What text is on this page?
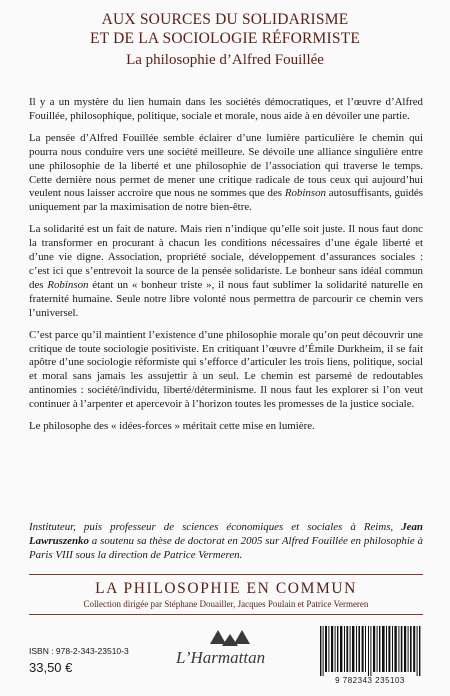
AUX SOURCES DU SOLIDARISME
ET DE LA SOCIOLOGIE RÉFORMISTE
La philosophie d’Alfred Fouillée

Il y a un mystère du lien humain dans les sociétés démocratiques, et l’œuvre d’Alfred Fouillée, philosophique, politique, sociale et morale, nous aide à en dévoiler une partie.

La pensée d’Alfred Fouillée semble éclairer d’une lumière particulière le chemin qui pourra nous conduire vers une société meilleure. Se dévoile une alliance singulière entre une philosophie de la liberté et une philosophie de l’association qui traverse le temps. Cette dernière nous permet de mener une critique radicale de tous ceux qui aujourd’hui veulent nous laisser accroire que nous ne sommes que des Robinson autosuffisants, guidés uniquement par la maximisation de notre bien-être.

La solidarité est un fait de nature. Mais rien n’indique qu’elle soit juste. Il nous faut donc la transformer en procurant à chacun les conditions nécessaires d’une égale liberté et d’une vie digne. Association, propriété sociale, développement d’assurances sociales : c’est ici que s’entrevoit la source de la pensée solidariste. Le bonheur sans idéal commun des Robinson étant un « bonheur triste », il nous faut sublimer la solidarité naturelle en fraternité humaine. Seule notre libre volonté nous permettra de parcourir ce chemin vers l’universel.

C’est parce qu’il maintient l’existence d’une philosophie morale qu’on peut découvrir une critique de toute sociologie positiviste. En critiquant l’œuvre d’Émile Durkheim, il se fait apôtre d’une sociologie réformiste qui s’efforce d’articuler les trois liens, politique, social et moral sans jamais les assujettir à un seul. Le chemin est parsemé de redoutables antinomies : société/individu, liberté/déterminisme. Il nous faut les explorer si l’on veut continuer à l’arpenter et apercevoir à l’horizon toutes les promesses de la justice sociale.

Le philosophe des « idées-forces » méritait cette mise en lumière.

Instituteur, puis professeur de sciences économiques et sociales à Reims, Jean Lawruszenko a soutenu sa thèse de doctorat en 2005 sur Alfred Fouillée en philosophie à Paris VIII sous la direction de Patrice Vermeren.
LA PHILOSOPHIE EN COMMUN
Collection dirigée par Stéphane Douailler, Jacques Poulain et Patrice Vermeren
ISBN : 978-2-343-23510-3
33,50 €
L’Harmattan
9 782343 235103
